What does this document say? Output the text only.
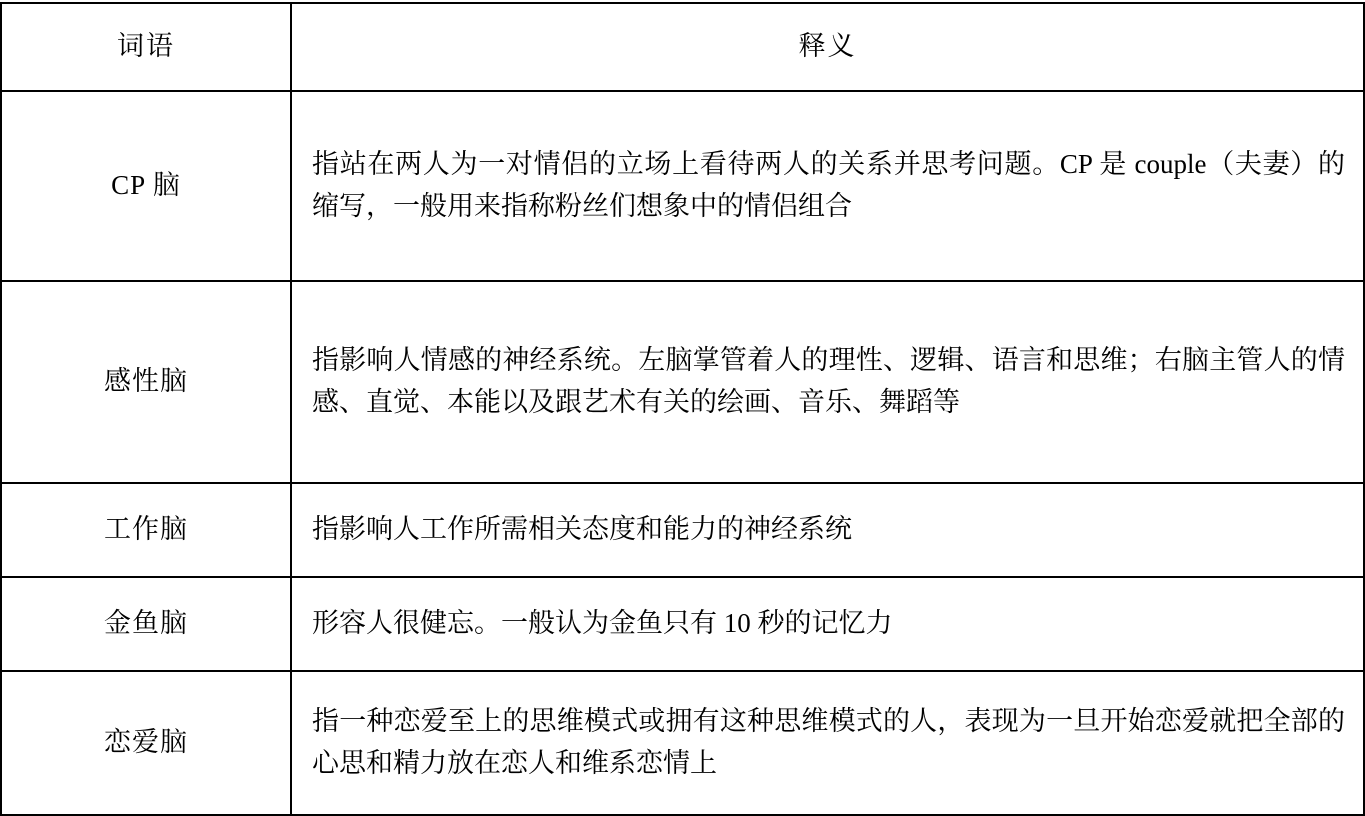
词语	释义
CP 脑	指站在两人为一对情侣的立场上看待两人的关系并思考问题。CP 是 couple（夫妻）的缩写，一般用来指称粉丝们想象中的情侣组合
感性脑	指影响人情感的神经系统。左脑掌管着人的理性、逻辑、语言和思维；右脑主管人的情感、直觉、本能以及跟艺术有关的绘画、音乐、舞蹈等
工作脑	指影响人工作所需相关态度和能力的神经系统
金鱼脑	形容人很健忘。一般认为金鱼只有 10 秒的记忆力
恋爱脑	指一种恋爱至上的思维模式或拥有这种思维模式的人，表现为一旦开始恋爱就把全部的心思和精力放在恋人和维系恋情上
